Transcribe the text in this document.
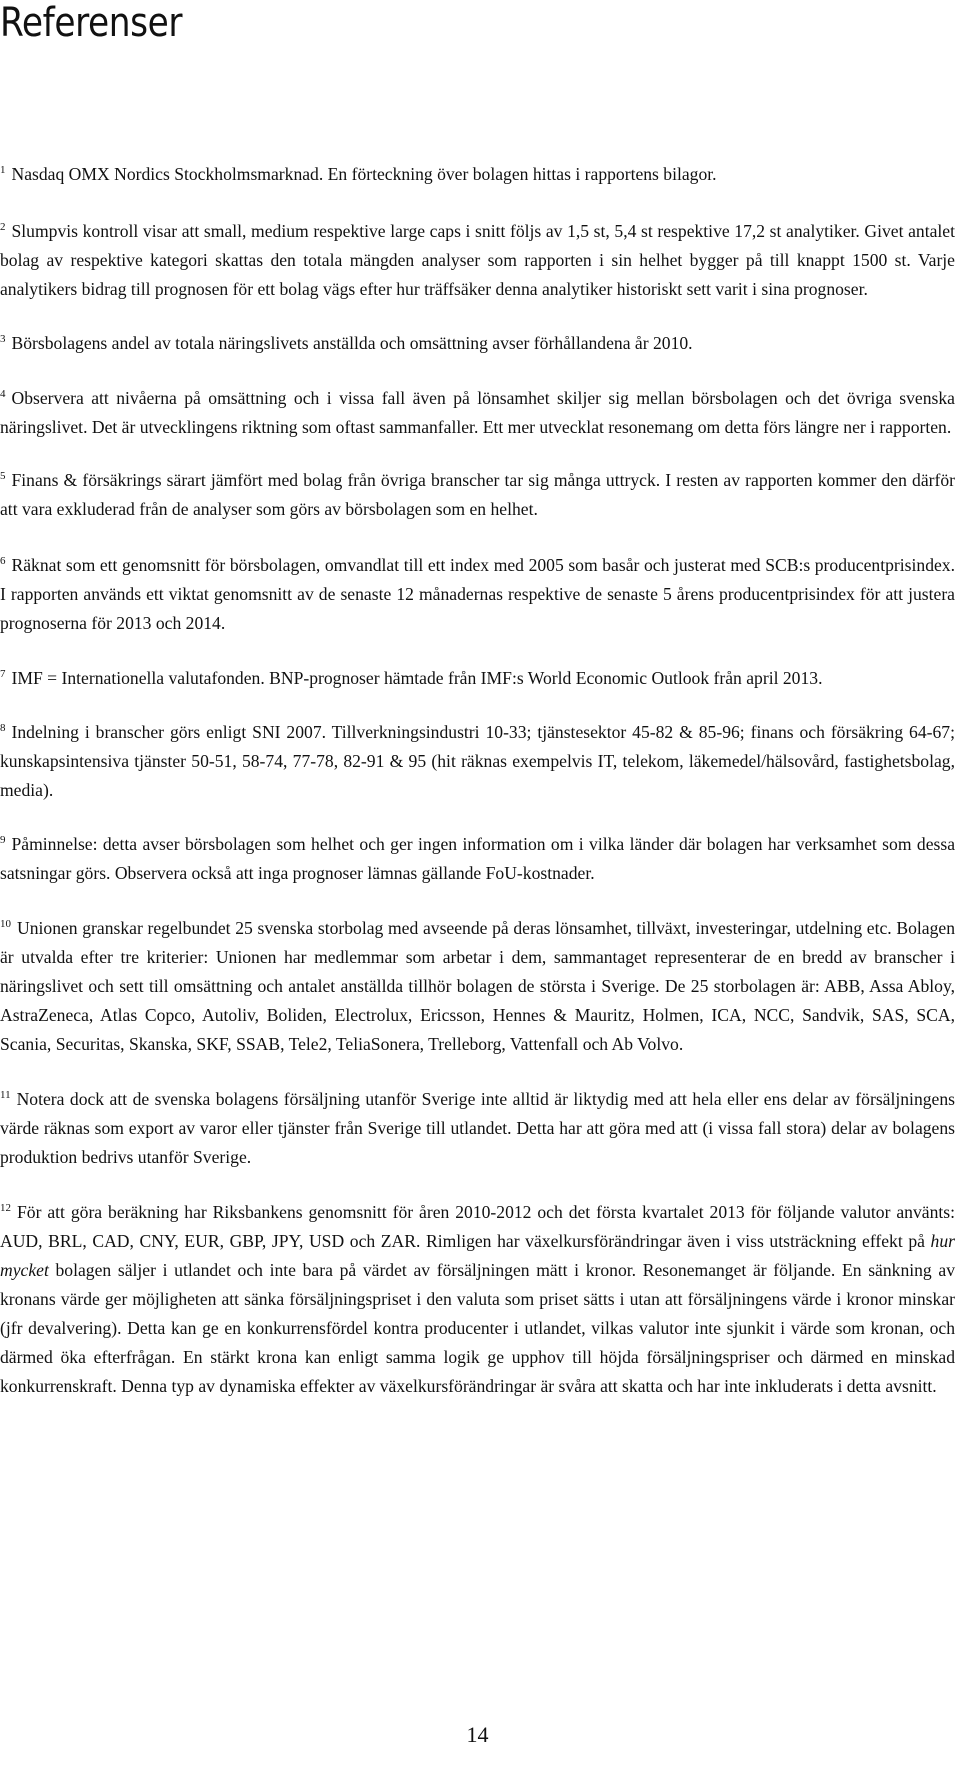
Referenser

$^1$ Nasdaq OMX Nordics Stockholmsmarknad. En förteckning över bolagen hittas i rapportens bilagor.

$^2$ Slumpvis kontroll visar att small, medium respektive large caps i snitt följs av 1,5 st, 5,4 st respektive 17,2 st analytiker. Givet antalet bolag av respektive kategori skattas den totala mängden analyser som rapporten i sin helhet bygger på till knappt 1500 st. Varje analytikers bidrag till prognosen för ett bolag vägs efter hur träffsäker denna analytiker historiskt sett varit i sina prognoser.

$^3$ Börsbolagens andel av totala näringslivets anställda och omsättning avser förhållandena år 2010.

$^4$ Observera att nivåerna på omsättning och i vissa fall även på lönsamhet skiljer sig mellan börsbolagen och det övriga svenska näringslivet. Det är utvecklingens riktning som oftast sammanfaller. Ett mer utvecklat resonemang om detta förs längre ner i rapporten.

$^5$ Finans & försäkrings särart jämfört med bolag från övriga branscher tar sig många uttryck. I resten av rapporten kommer den därför att vara exkluderad från de analyser som görs av börsbolagen som en helhet.

$^6$ Räknat som ett genomsnitt för börsbolagen, omvandlat till ett index med 2005 som basår och justerat med SCB:s producentprisindex. I rapporten används ett viktat genomsnitt av de senaste 12 månadernas respektive de senaste 5 årens producentprisindex för att justera prognoserna för 2013 och 2014.

$^7$ IMF = Internationella valutafonden. BNP-prognoser hämtade från IMF:s World Economic Outlook från april 2013.

$^8$ Indelning i branscher görs enligt SNI 2007. Tillverkningsindustri 10-33; tjänstesektor 45-82 & 85-96; finans och försäkring 64-67; kunskapsintensiva tjänster 50-51, 58-74, 77-78, 82-91 & 95 (hit räknas exempelvis IT, telekom, läkemedel/hälsovård, fastighetsbolag, media).

$^9$ Påminnelse: detta avser börsbolagen som helhet och ger ingen information om i vilka länder där bolagen har verksamhet som dessa satsningar görs. Observera också att inga prognoser lämnas gällande FoU-kostnader.

$^{10}$ Unionen granskar regelbundet 25 svenska storbolag med avseende på deras lönsamhet, tillväxt, investeringar, utdelning etc. Bolagen är utvalda efter tre kriterier: Unionen har medlemmar som arbetar i dem, sammantaget representerar de en bredd av branscher i näringslivet och sett till omsättning och antalet anställda tillhör bolagen de största i Sverige. De 25 storbolagen är: ABB, Assa Abloy, AstraZeneca, Atlas Copco, Autoliv, Boliden, Electrolux, Ericsson, Hennes & Mauritz, Holmen, ICA, NCC, Sandvik, SAS, SCA, Scania, Securitas, Skanska, SKF, SSAB, Tele2, TeliaSonera, Trelleborg, Vattenfall och Ab Volvo.

$^{11}$ Notera dock att de svenska bolagens försäljning utanför Sverige inte alltid är liktydig med att hela eller ens delar av försäljningens värde räknas som export av varor eller tjänster från Sverige till utlandet. Detta har att göra med att (i vissa fall stora) delar av bolagens produktion bedrivs utanför Sverige.

$^{12}$ För att göra beräkning har Riksbankens genomsnitt för åren 2010-2012 och det första kvartalet 2013 för följande valutor använts: AUD, BRL, CAD, CNY, EUR, GBP, JPY, USD och ZAR. Rimligen har växelkursförändringar även i viss utsträckning effekt på hur mycket bolagen säljer i utlandet och inte bara på värdet av försäljningen mätt i kronor. Resonemanget är följande. En sänkning av kronans värde ger möjligheten att sänka försäljningspriset i den valuta som priset sätts i utan att försäljningens värde i kronor minskar (jfr devalvering). Detta kan ge en konkurrensfördel kontra producenter i utlandet, vilkas valutor inte sjunkit i värde som kronan, och därmed öka efterfrågan. En stärkt krona kan enligt samma logik ge upphov till höjda försäljningspriser och därmed en minskad konkurrenskraft. Denna typ av dynamiska effekter av växelkursförändringar är svåra att skatta och har inte inkluderats i detta avsnitt.

14
